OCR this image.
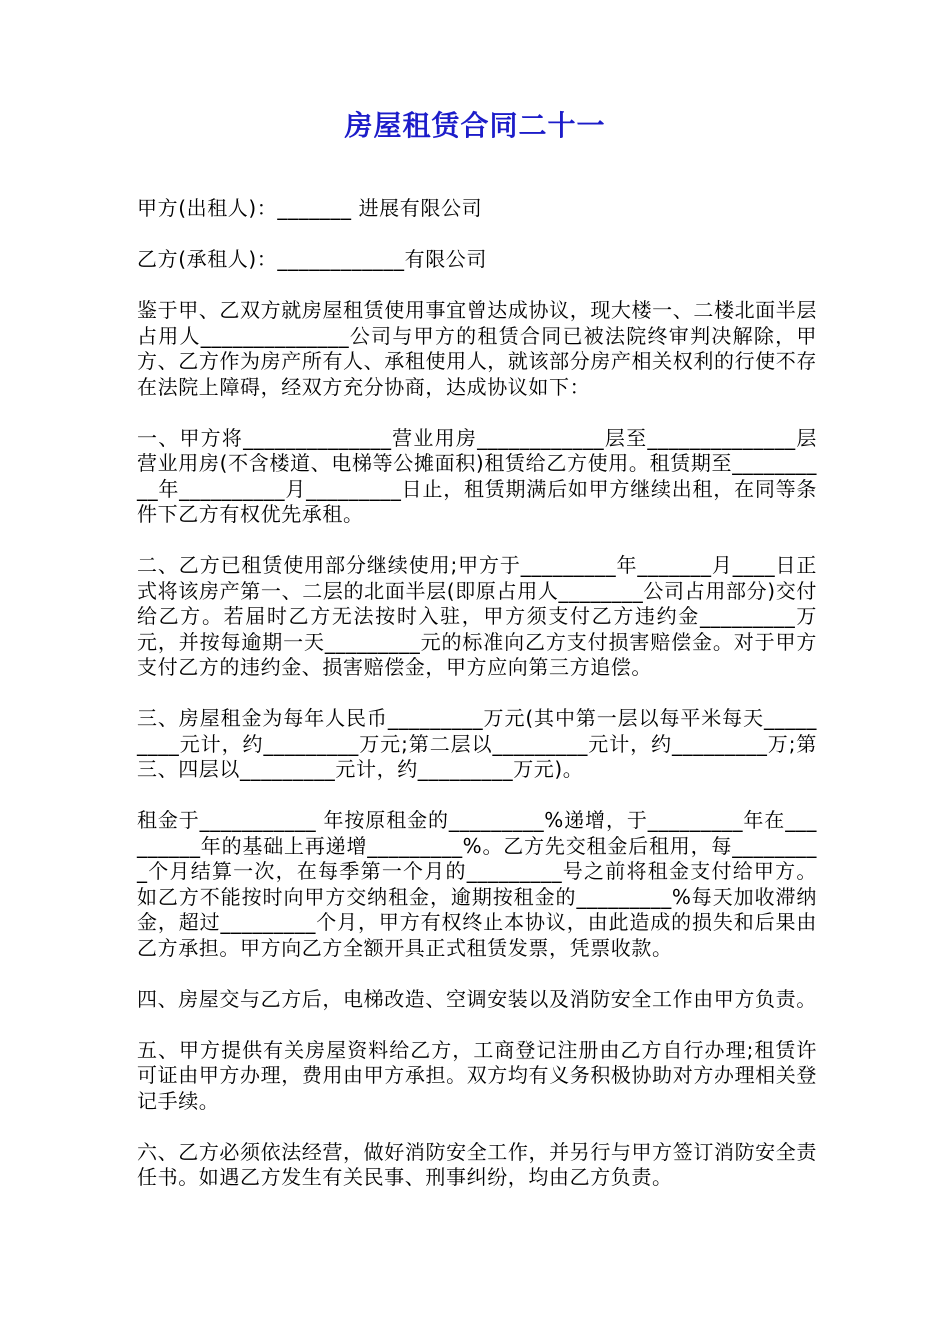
房屋租赁合同二十一

甲方(出租人)：_______ 进展有限公司

乙方(承租人)：____________有限公司

鉴于甲、乙双方就房屋租赁使用事宜曾达成协议，现大楼一、二楼北面半层占用人______________公司与甲方的租赁合同已被法院终审判决解除，甲方、乙方作为房产所有人、承租使用人，就该部分房产相关权利的行使不存在法院上障碍，经双方充分协商，达成协议如下：

一、甲方将______________营业用房____________层至______________层营业用房(不含楼道、电梯等公摊面积)租赁给乙方使用。租赁期至__________年__________月_________日止，租赁期满后如甲方继续出租，在同等条件下乙方有权优先承租。

二、乙方已租赁使用部分继续使用;甲方于_________年_______月____日正式将该房产第一、二层的北面半层(即原占用人________公司占用部分)交付给乙方。若届时乙方无法按时入驻，甲方须支付乙方违约金_________万元，并按每逾期一天_________元的标准向乙方支付损害赔偿金。对于甲方支付乙方的违约金、损害赔偿金，甲方应向第三方追偿。

三、房屋租金为每年人民币_________万元(其中第一层以每平米每天_________元计，约_________万元;第二层以_________元计，约_________万;第三、四层以_________元计，约_________万元)。

租金于___________ 年按原租金的_________%递增，于_________年在_________年的基础上再递增_________%。乙方先交租金后租用，每_________个月结算一次，在每季第一个月的_________号之前将租金支付给甲方。如乙方不能按时向甲方交纳租金，逾期按租金的_________%每天加收滞纳金，超过_________个月，甲方有权终止本协议，由此造成的损失和后果由乙方承担。甲方向乙方全额开具正式租赁发票，凭票收款。

四、房屋交与乙方后，电梯改造、空调安装以及消防安全工作由甲方负责。

五、甲方提供有关房屋资料给乙方，工商登记注册由乙方自行办理;租赁许可证由甲方办理，费用由甲方承担。双方均有义务积极协助对方办理相关登记手续。

六、乙方必须依法经营，做好消防安全工作，并另行与甲方签订消防安全责任书。如遇乙方发生有关民事、刑事纠纷，均由乙方负责。
